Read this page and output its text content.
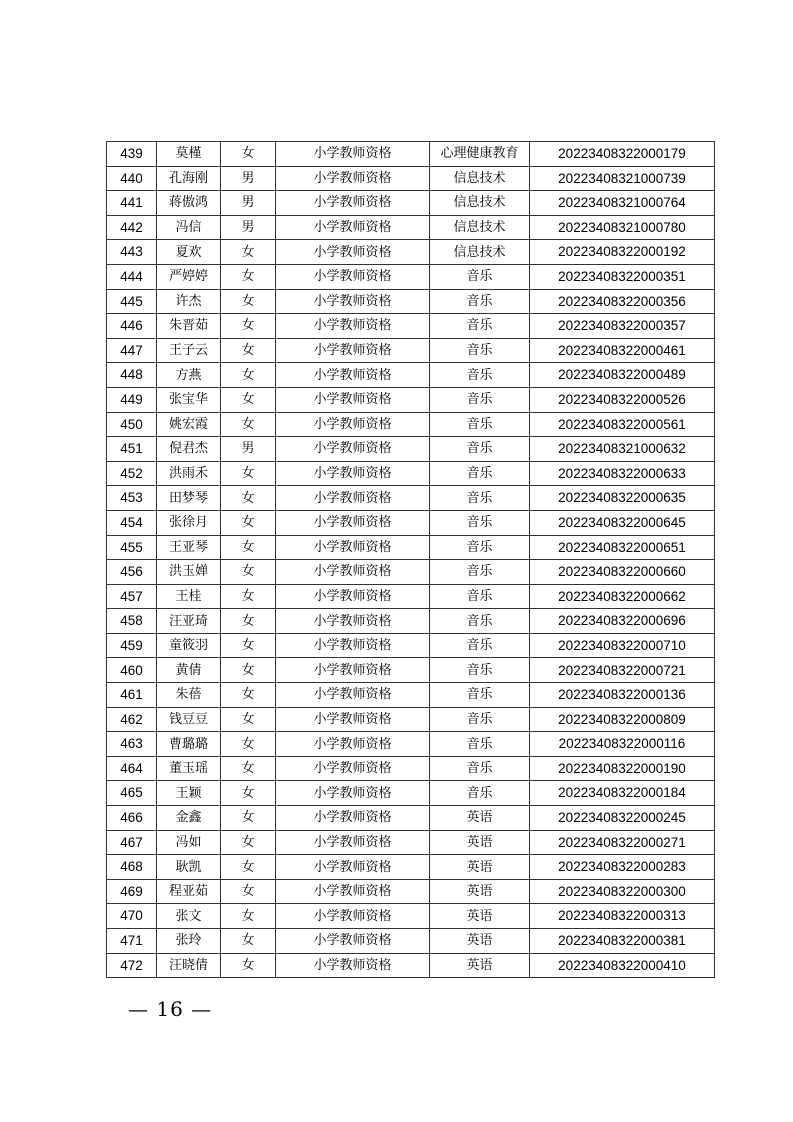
439	莫槿	女	小学教师资格	心理健康教育	20223408322000179
440	孔海刚	男	小学教师资格	信息技术	20223408321000739
441	蒋傲鸿	男	小学教师资格	信息技术	20223408321000764
442	冯信	男	小学教师资格	信息技术	20223408321000780
443	夏欢	女	小学教师资格	信息技术	20223408322000192
444	严婷婷	女	小学教师资格	音乐	20223408322000351
445	许杰	女	小学教师资格	音乐	20223408322000356
446	朱晋茹	女	小学教师资格	音乐	20223408322000357
447	王子云	女	小学教师资格	音乐	20223408322000461
448	方燕	女	小学教师资格	音乐	20223408322000489
449	张宝华	女	小学教师资格	音乐	20223408322000526
450	姚宏霞	女	小学教师资格	音乐	20223408322000561
451	倪君杰	男	小学教师资格	音乐	20223408321000632
452	洪雨禾	女	小学教师资格	音乐	20223408322000633
453	田梦琴	女	小学教师资格	音乐	20223408322000635
454	张徐月	女	小学教师资格	音乐	20223408322000645
455	王亚琴	女	小学教师资格	音乐	20223408322000651
456	洪玉婵	女	小学教师资格	音乐	20223408322000660
457	王桂	女	小学教师资格	音乐	20223408322000662
458	汪亚琦	女	小学教师资格	音乐	20223408322000696
459	童筱羽	女	小学教师资格	音乐	20223408322000710
460	黄倩	女	小学教师资格	音乐	20223408322000721
461	朱蓓	女	小学教师资格	音乐	20223408322000136
462	钱豆豆	女	小学教师资格	音乐	20223408322000809
463	曹璐璐	女	小学教师资格	音乐	20223408322000116
464	董玉瑶	女	小学教师资格	音乐	20223408322000190
465	王颖	女	小学教师资格	音乐	20223408322000184
466	金鑫	女	小学教师资格	英语	20223408322000245
467	冯如	女	小学教师资格	英语	20223408322000271
468	耿凯	女	小学教师资格	英语	20223408322000283
469	程亚茹	女	小学教师资格	英语	20223408322000300
470	张文	女	小学教师资格	英语	20223408322000313
471	张玲	女	小学教师资格	英语	20223408322000381
472	汪晓倩	女	小学教师资格	英语	20223408322000410
— 16 —
